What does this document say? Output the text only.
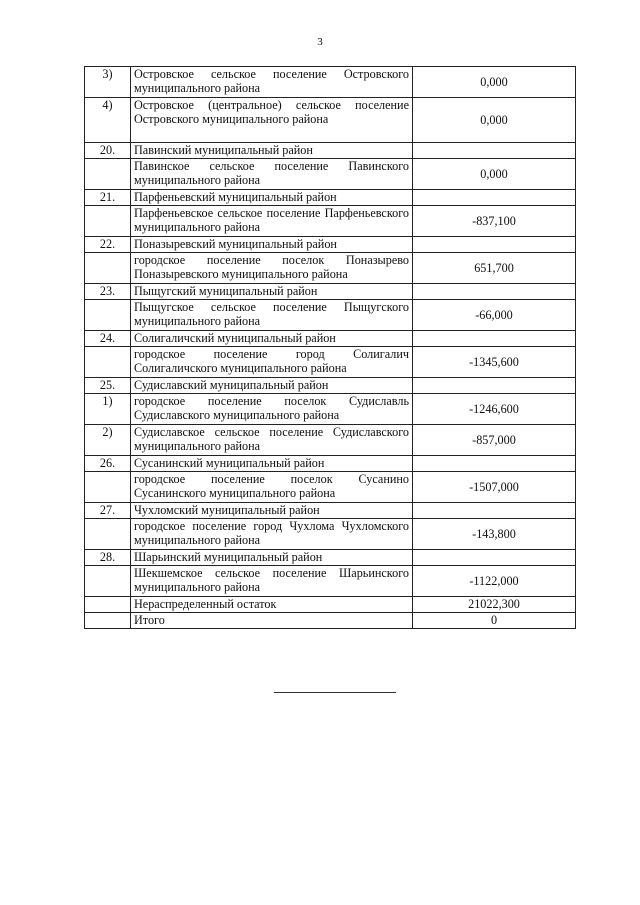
3
3)	Островское сельское поселение Островского муниципального района	0,000
4)	Островское (центральное) сельское поселение Островского муниципального района	0,000
20.	Павинский муниципальный район	
	Павинское сельское поселение Павинского муниципального района	0,000
21.	Парфеньевский муниципальный район	
	Парфеньевское сельское поселение Парфеньевского муниципального района	-837,100
22.	Поназыревский муниципальный район	
	городское поселение поселок Поназырево Поназыревского муниципального района	651,700
23.	Пыщугский муниципальный район	
	Пыщугское сельское поселение Пыщугского муниципального района	-66,000
24.	Солигаличский муниципальный район	
	городское поселение город Солигалич Солигаличского муниципального района	-1345,600
25.	Судиславский муниципальный район	
1)	городское поселение поселок Судиславль Судиславского муниципального района	-1246,600
2)	Судиславское сельское поселение Судиславского муниципального района	-857,000
26.	Сусанинский муниципальный район	
	городское поселение поселок Сусанино Сусанинского муниципального района	-1507,000
27.	Чухломский муниципальный район	
	городское поселение город Чухлома Чухломского муниципального района	-143,800
28.	Шарьинский муниципальный район	
	Шекшемское сельское поселение Шарьинского муниципального района	-1122,000
	Нераспределенный остаток	21022,300
	Итого	0
